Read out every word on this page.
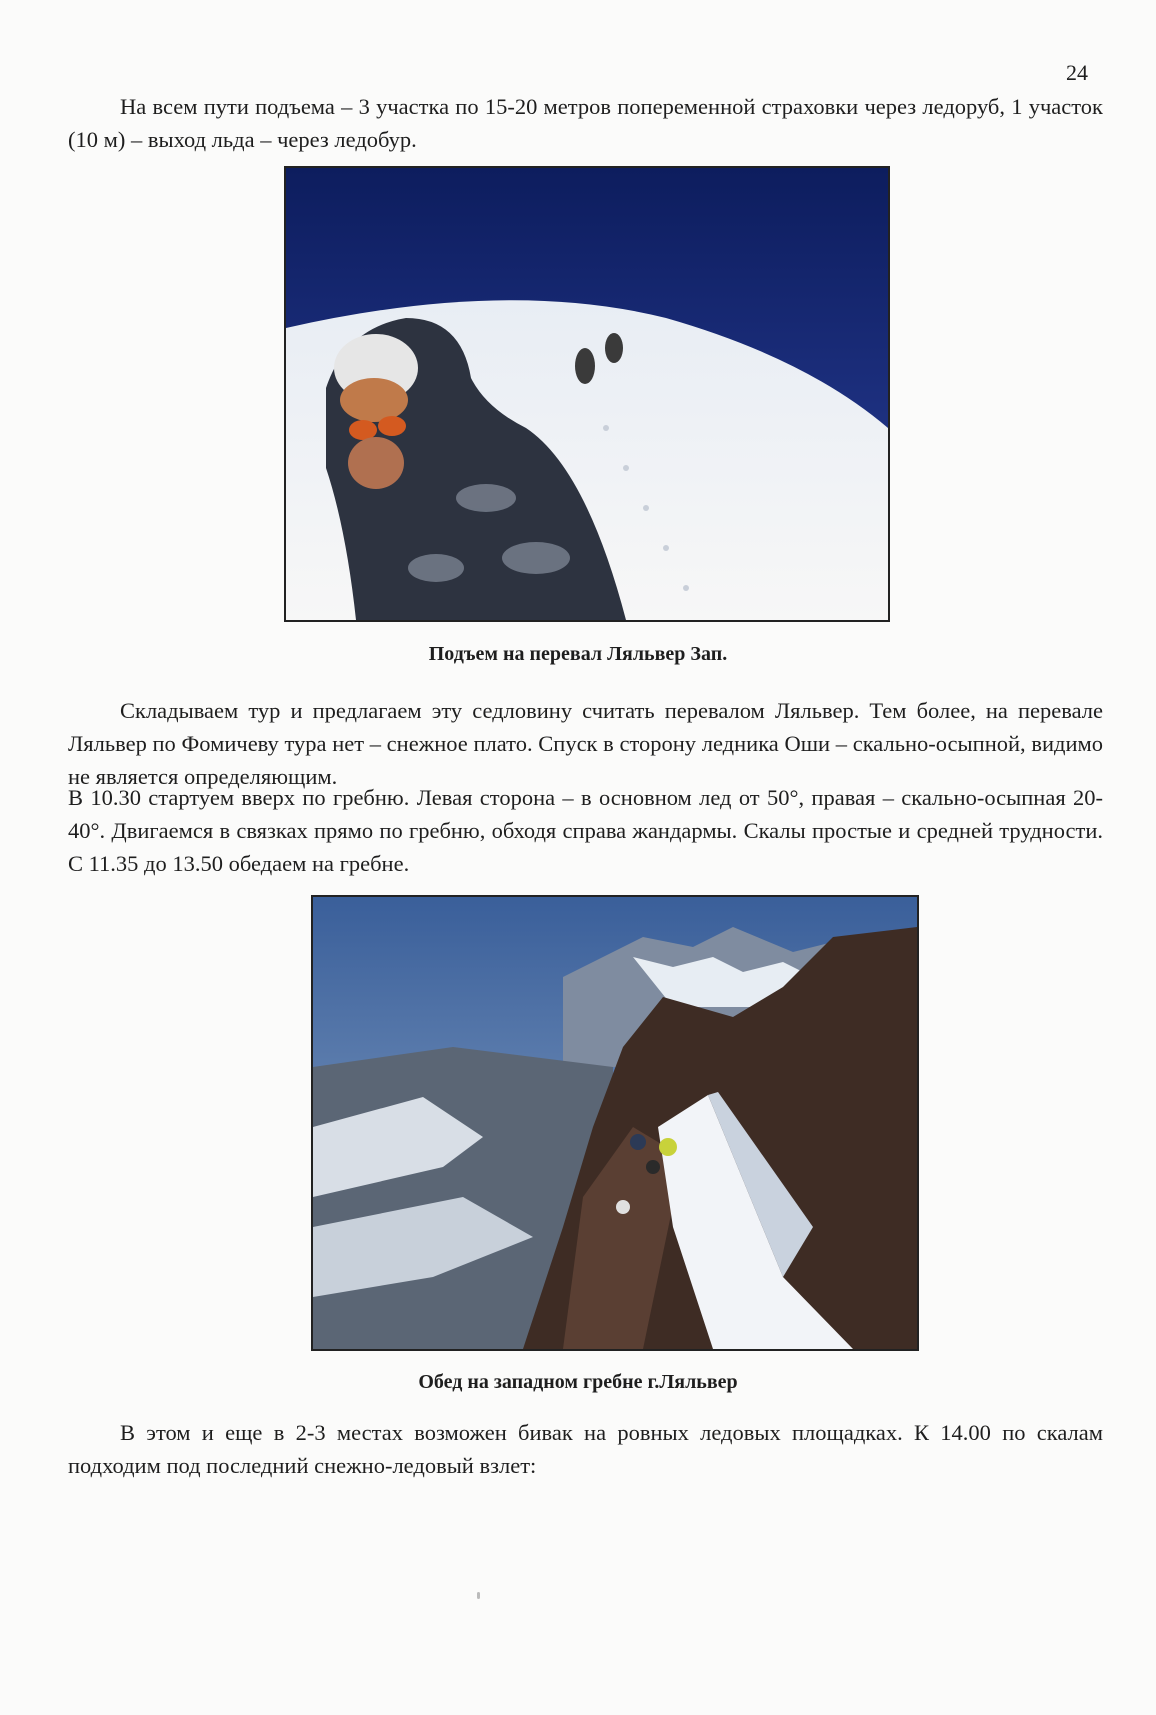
24

На всем пути подъема – 3 участка по 15-20 метров попеременной страховки через ледоруб, 1 участок (10 м) – выход льда – через ледобур.

Подъем на перевал Ляльвер Зап.

Складываем тур и предлагаем эту седловину считать перевалом Ляльвер. Тем более, на перевале Ляльвер по Фомичеву тура нет – снежное плато. Спуск в сторону ледника Оши – скально-осыпной, видимо не является определяющим.

В 10.30 стартуем вверх по гребню. Левая сторона – в основном лед от 50°, правая – скально-осыпная 20-40°. Двигаемся в связках прямо по гребню, обходя справа жандармы. Скалы простые и средней трудности. С 11.35 до 13.50 обедаем на гребне.

Обед на западном гребне г.Ляльвер

В этом и еще в 2-3 местах возможен бивак на ровных ледовых площадках. К 14.00 по скалам подходим под последний снежно-ледовый взлет:
